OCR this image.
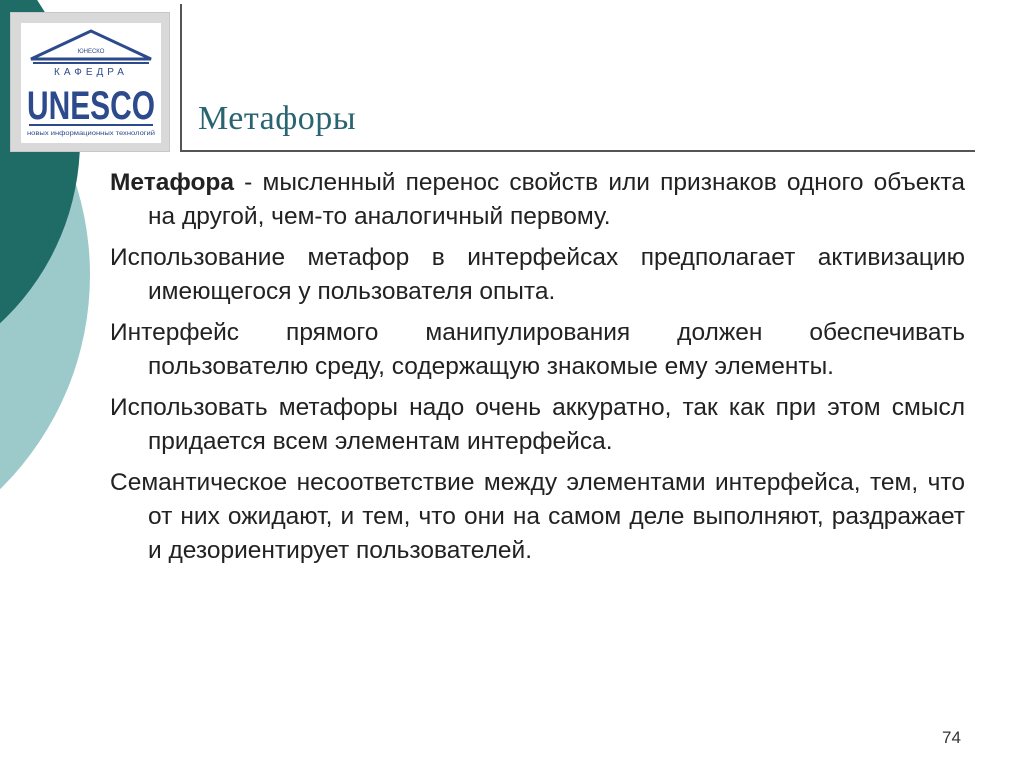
ЮНЕСКО
КАФЕДРА
UNESCO
новых информационных технологий	Метафоры

Метафора - мысленный перенос свойств или признаков одного объекта на другой, чем-то аналогичный первому.

Использование метафор в интерфейсах предполагает активизацию имеющегося у пользователя опыта.

Интерфейс прямого манипулирования должен обеспечивать пользователю среду, содержащую знакомые ему элементы.

Использовать метафоры надо очень аккуратно, так как при этом смысл придается всем элементам интерфейса.

Семантическое несоответствие между элементами интерфейса, тем, что от них ожидают, и тем, что они на самом деле выполняют, раздражает и дезориентирует пользователей.

74
